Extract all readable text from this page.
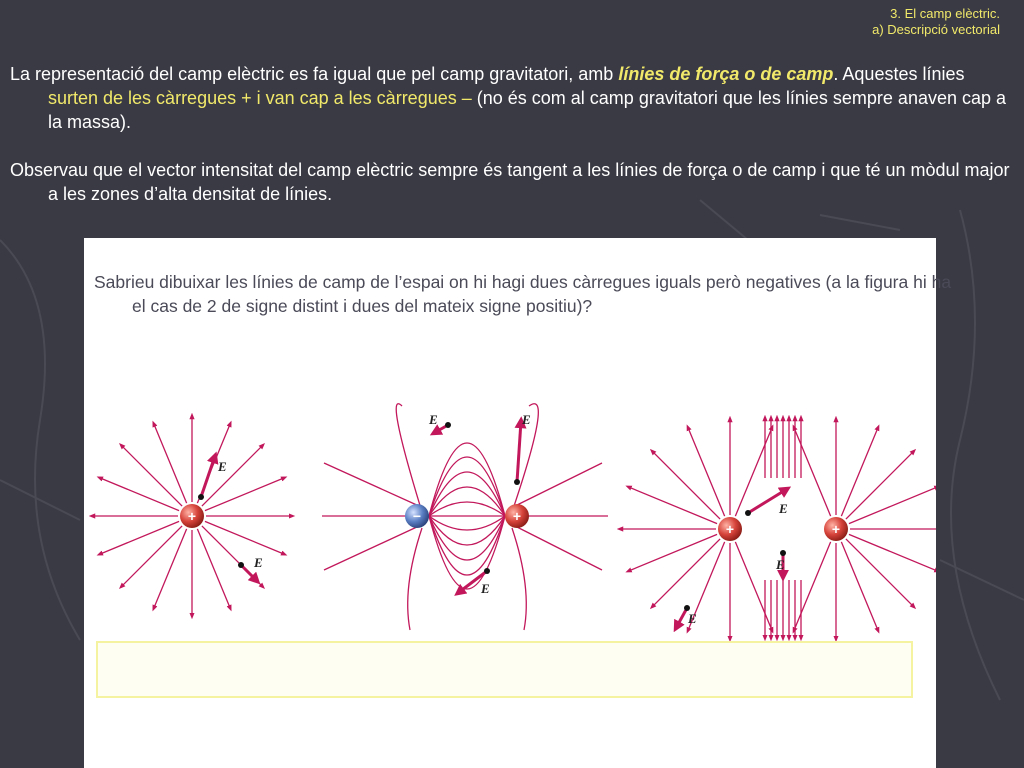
3. El camp elèctric.
a) Descripció vectorial

La representació del camp elèctric es fa igual que pel camp gravitatori, amb línies de força o de camp. Aquestes línies surten de les càrregues + i van cap a les càrregues – (no és com al camp gravitatori que les línies sempre anaven cap a la massa).

Observau que el vector intensitat del camp elèctric sempre és tangent a les línies de força o de camp i que té un mòdul major a les zones d’alta densitat de línies.

Sabrieu dibuixar les línies de camp de l’espai on hi hagi dues càrregues iguals però negatives (a la figura hi ha el cas de 2 de signe distint i dues del mateix signe positiu)?

E
E
+
E	E
E
−	+	E
E
E
+	+
